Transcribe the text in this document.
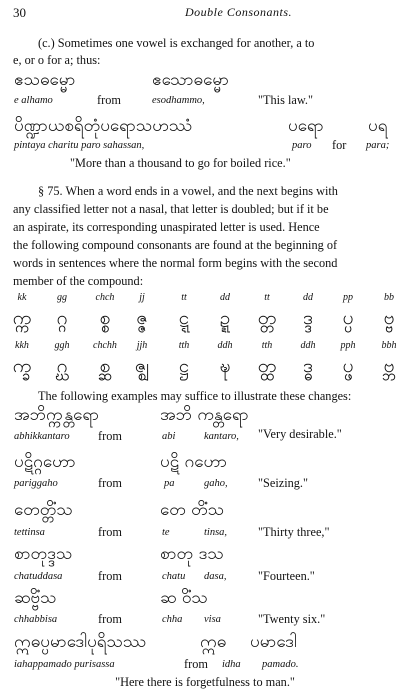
30	Double Consonants.
(c.) Sometimes one vowel is exchanged for another, a to
e, or o for a; thus:
ဧသဓမ္မော	ဧသောဓမ္မော
e alhamo	from	esodhammo,	"This law."
ပိဏ္ဍာယစရိတုံပရောသဟဿံ	ပရော	ပရ
pintaya charitu paro sahassan,	paro for para;
"More than a thousand to go for boiled rice."
§ 75. When a word ends in a vowel, and the next begins with
any classified letter not a nasal, that letter is doubled; but if it be
an aspirate, its corresponding unaspirated letter is used. Hence
the following compound consonants are found at the beginning of
words in sentences where the normal form begins with the second
member of the compound:
kk	gg	chch	jj	tt	dd	tt	dd	pp	bb
က္က	ဂ္ဂ	စ္စ	ဇ္ဇ	ဋ္ဋ	ဍ္ဍ	တ္တ	ဒ္ဒ	ပ္ပ	ဗ္ဗ
kkh	ggh	chchh	jjh	tth	ddh	tth	ddh	pph	bbh
က္ခ	ဂ္ဃ	စ္ဆ	ဇ္ဈ	ဋ္ဌ	ဍ္ဎ	တ္ထ	ဒ္ဓ	ပ္ဖ	ဗ္ဘ
The following examples may suffice to illustrate these changes:
အဘိက္ကန္တရော	အဘိ ကန္တရော
abhikkantaro from	abi	kantaro, "Very desirable."
ပဋိဂ္ဂဟော	ပဋိ ဂဟော
pariggaho	from	pa	gaho, "Seizing."
တေတ္တိံသ	တေ တိံသ
tettinsa	from	te	tinsa,	"Thirty three,"
စာတုဒ္ဒသ	စာတု ဒသ
chatuddasa	from	chatu dasa,	"Fourteen."
ဆဗ္ဗိံသ	ဆ ဝိံသ
chhabbisa	from	chha visa	"Twenty six."
ဣဓပ္ပမာဒေါပုရိသဿ	ဣဓ ပမာဒေါ
iahappamado purisassa	from idha pamado.
"Here there is forgetfulness to man."
